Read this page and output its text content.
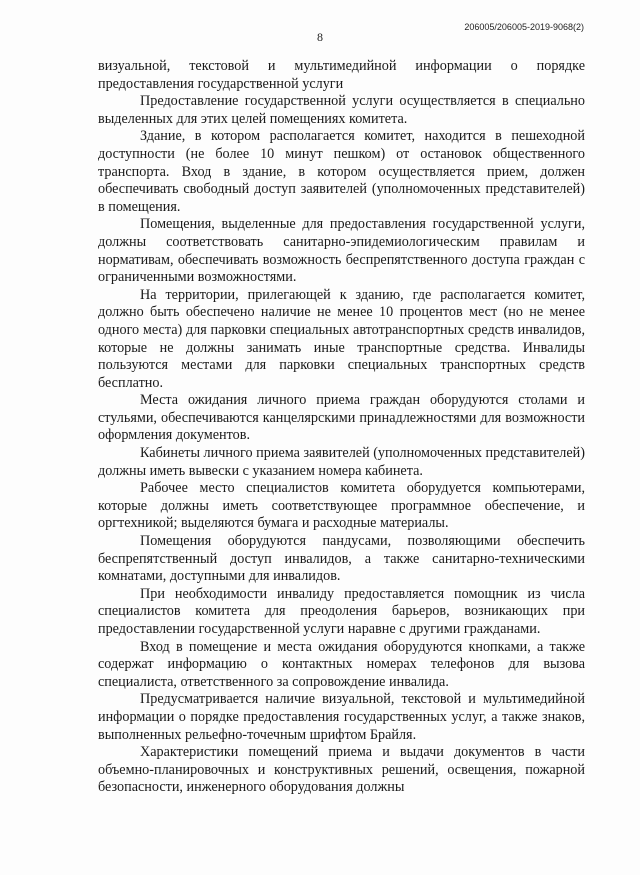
8
206005/206005-2019-9068(2)

визуальной, текстовой и мультимедийной информации о порядке предоставления государственной услуги

Предоставление государственной услуги осуществляется в специально выделенных для этих целей помещениях комитета.

Здание, в котором располагается комитет, находится в пешеходной доступности (не более 10 минут пешком) от остановок общественного транспорта. Вход в здание, в котором осуществляется прием, должен обеспечивать свободный доступ заявителей (уполномоченных представителей) в помещения.

Помещения, выделенные для предоставления государственной услуги, должны соответствовать санитарно-эпидемиологическим правилам и нормативам, обеспечивать возможность беспрепятственного доступа граждан с ограниченными возможностями.

На территории, прилегающей к зданию, где располагается комитет, должно быть обеспечено наличие не менее 10 процентов мест (но не менее одного места) для парковки специальных автотранспортных средств инвалидов, которые не должны занимать иные транспортные средства. Инвалиды пользуются местами для парковки специальных транспортных средств бесплатно.

Места ожидания личного приема граждан оборудуются столами и стульями, обеспечиваются канцелярскими принадлежностями для возможности оформления документов.

Кабинеты личного приема заявителей (уполномоченных представителей) должны иметь вывески с указанием номера кабинета.

Рабочее место специалистов комитета оборудуется компьютерами, которые должны иметь соответствующее программное обеспечение, и оргтехникой; выделяются бумага и расходные материалы.

Помещения оборудуются пандусами, позволяющими обеспечить беспрепятственный доступ инвалидов, а также санитарно-техническими комнатами, доступными для инвалидов.

При необходимости инвалиду предоставляется помощник из числа специалистов комитета для преодоления барьеров, возникающих при предоставлении государственной услуги наравне с другими гражданами.

Вход в помещение и места ожидания оборудуются кнопками, а также содержат информацию о контактных номерах телефонов для вызова специалиста, ответственного за сопровождение инвалида.

Предусматривается наличие визуальной, текстовой и мультимедийной информации о порядке предоставления государственных услуг, а также знаков, выполненных рельефно-точечным шрифтом Брайля.

Характеристики помещений приема и выдачи документов в части объемно-планировочных и конструктивных решений, освещения, пожарной безопасности, инженерного оборудования должны
